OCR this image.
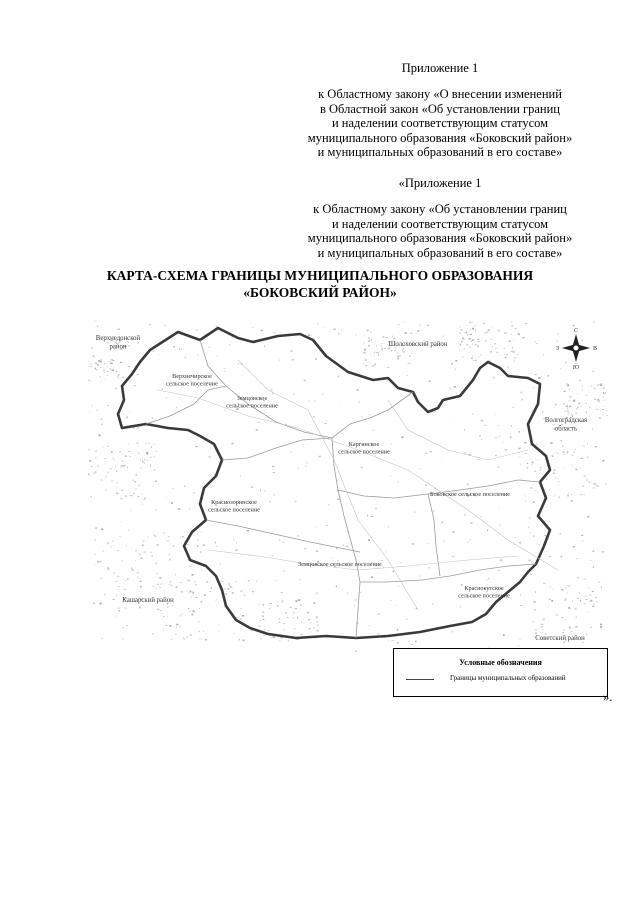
Приложение 1
к Областному закону «О внесении изменений
в Областной закон «Об установлении границ
и наделении соответствующим статусом
муниципального образования «Боковский район»
и муниципальных образований в его составе»
«Приложение 1
к Областному закону «Об установлении границ
и наделении соответствующим статусом
муниципального образования «Боковский район»
и муниципальных образований в его составе»
КАРТА-СХЕМА ГРАНИЦЫ МУНИЦИПАЛЬНОГО ОБРАЗОВАНИЯ
«БОКОВСКИЙ РАЙОН»
Верхнечирское сельское поселение
Земцовское сельское поселение
Каргинское сельское поселение
Краснозоринское сельское поселение
Боковское сельское поселение
Земцовское сельское поселение
Краснокутское сельское поселение
Верхнедонской район	Шолоховский район
Волгоградская область
Кашарский район
Советский район
С
Ю
З	В
Условные обозначения
Границы муниципальных образований
».
